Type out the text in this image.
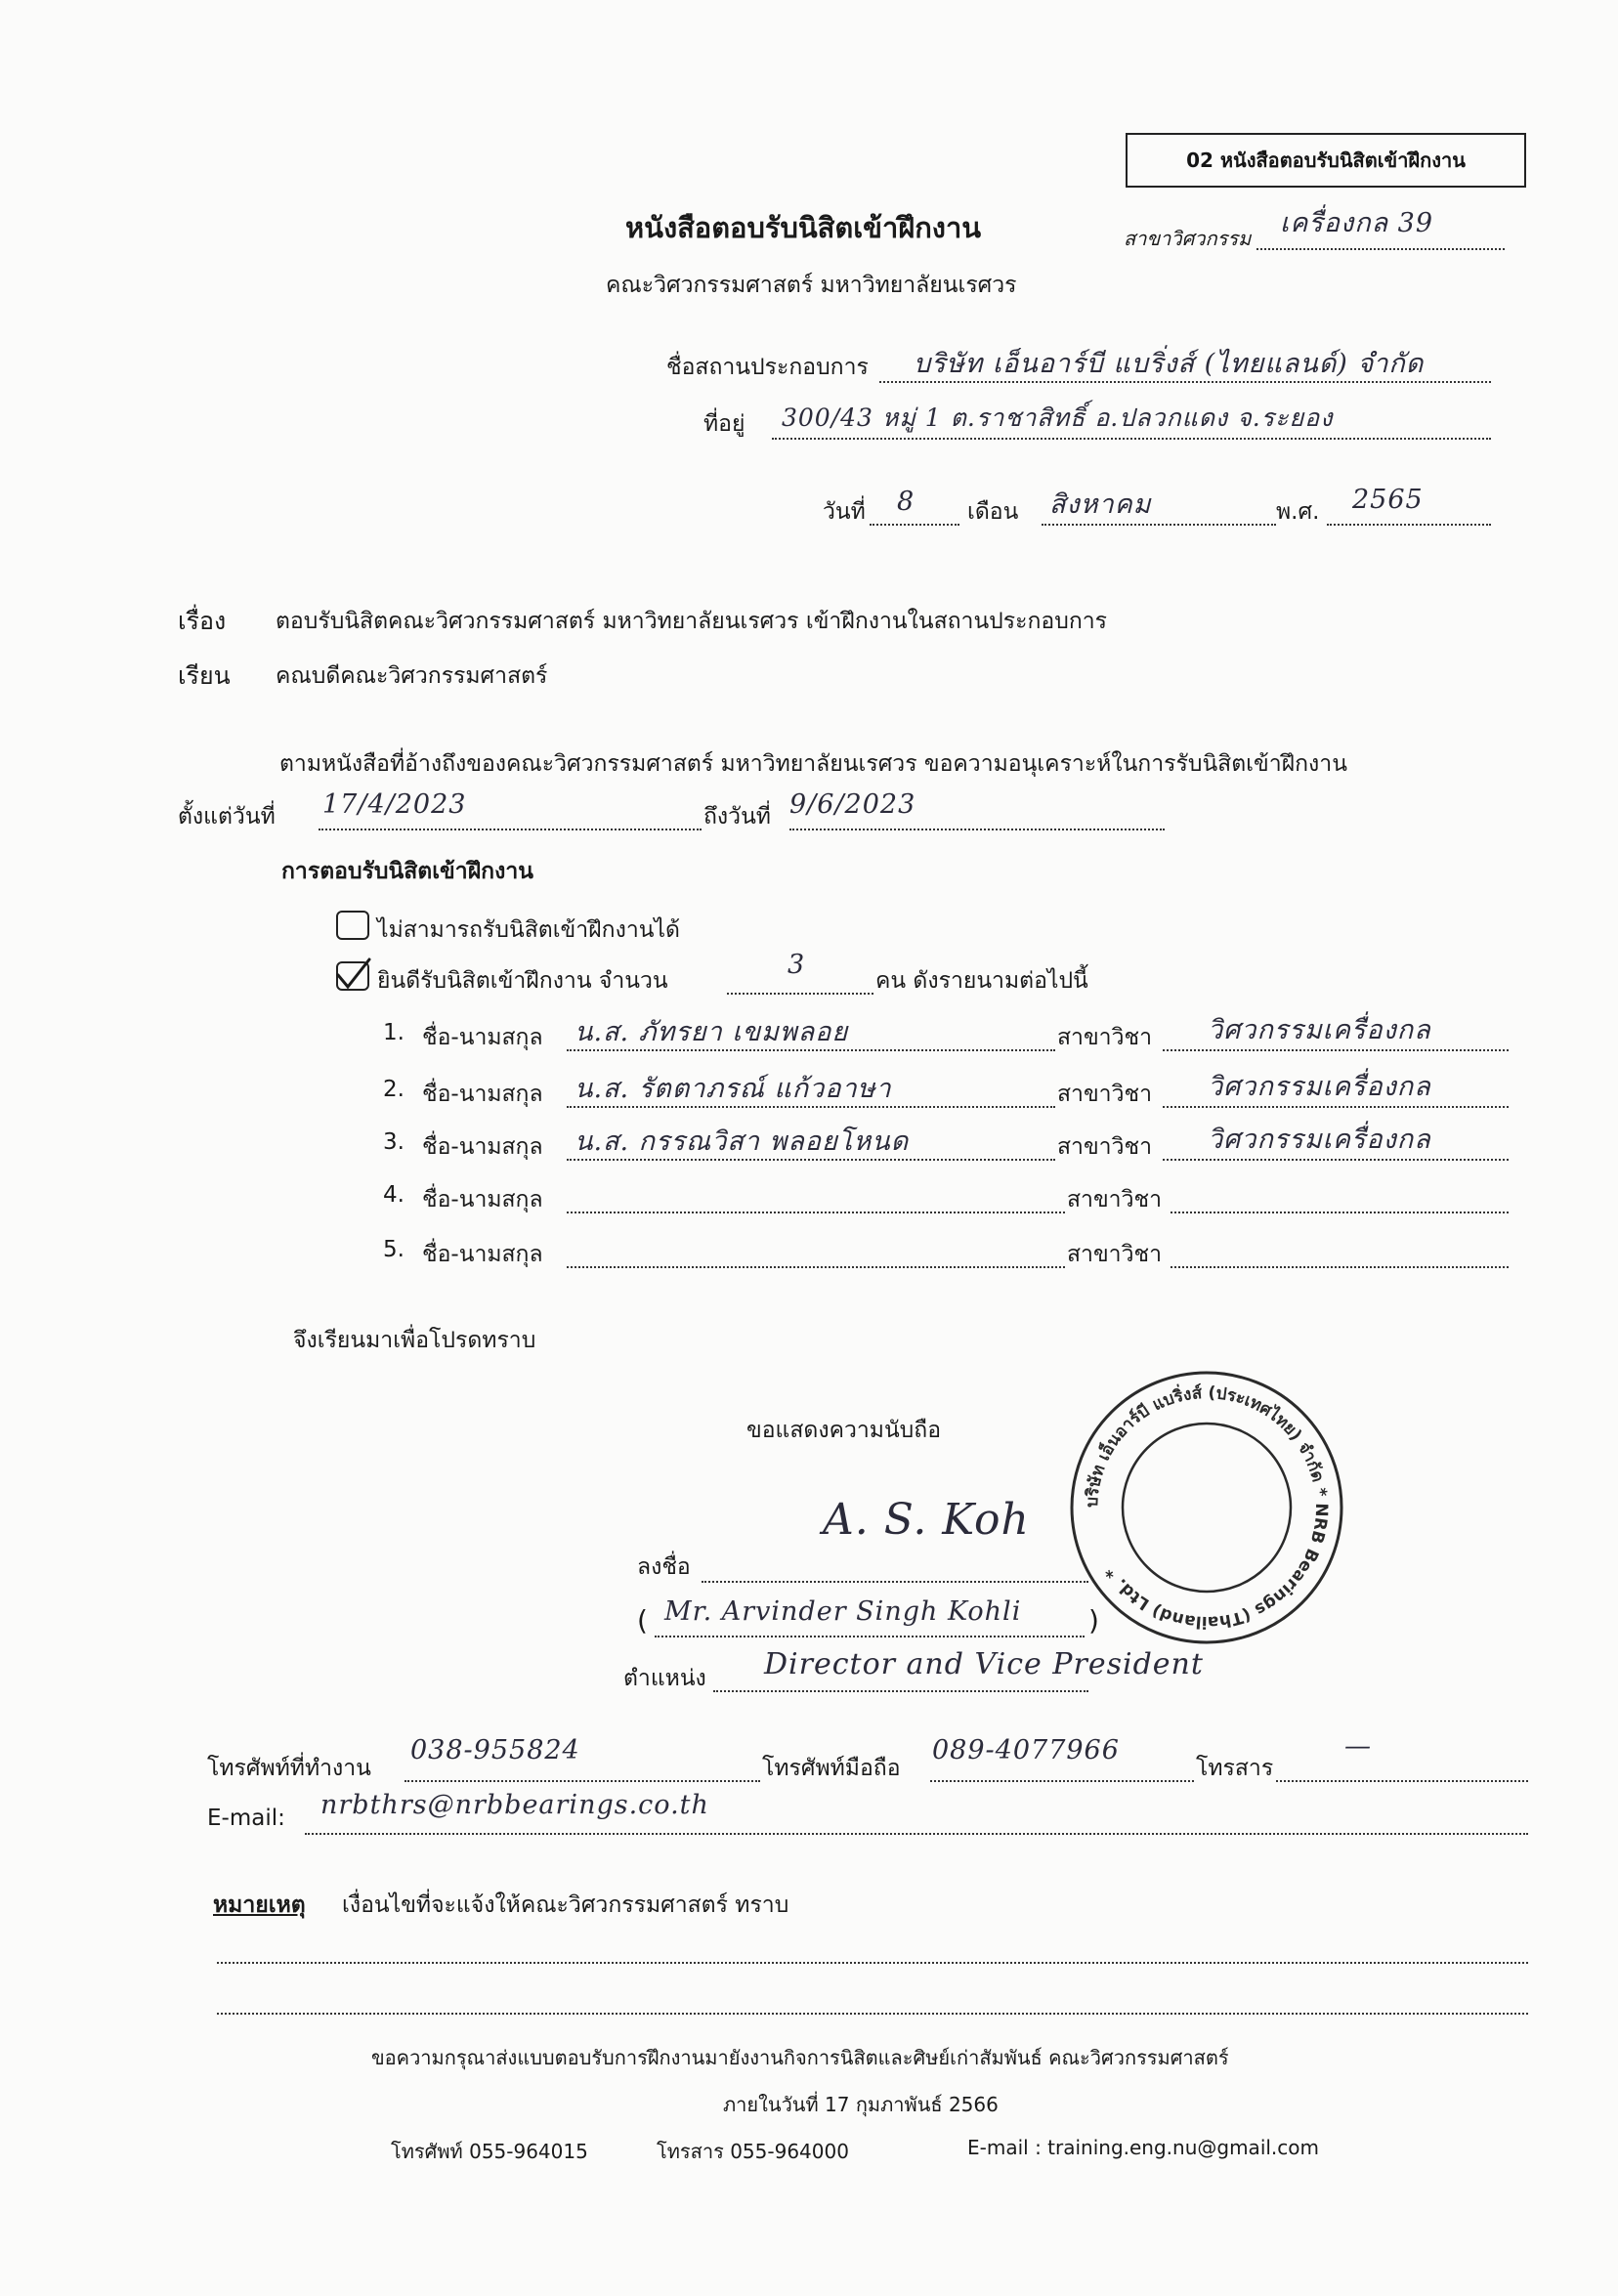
02 หนังสือตอบรับนิสิตเข้าฝึกงาน
หนังสือตอบรับนิสิตเข้าฝึกงาน	สาขาวิศวกรรม เครื่องกล 39
คณะวิศวกรรมศาสตร์ มหาวิทยาลัยนเรศวร
ชื่อสถานประกอบการ บริษัท เอ็นอาร์บี แบริ่งส์ (ไทยแลนด์) จำกัด
ที่อยู่ 300/43 หมู่ 1 ต.ราชาสิทธิ์ อ.ปลวกแดง จ.ระยอง
วันที่ 8 เดือน สิงหาคม	พ.ศ. 2565
เรื่อง ตอบรับนิสิตคณะวิศวกรรมศาสตร์ มหาวิทยาลัยนเรศวร เข้าฝึกงานในสถานประกอบการ
เรียน คณบดีคณะวิศวกรรมศาสตร์
ตามหนังสือที่อ้างถึงของคณะวิศวกรรมศาสตร์ มหาวิทยาลัยนเรศวร ขอความอนุเคราะห์ในการรับนิสิตเข้าฝึกงาน
ตั้งแต่วันที่ 17/4/2023	ถึงวันที่ 9/6/2023
การตอบรับนิสิตเข้าฝึกงาน
ไม่สามารถรับนิสิตเข้าฝึกงานได้
ยินดีรับนิสิตเข้าฝึกงาน จำนวน
3
คน ดังรายนามต่อไปนี้
1. ชื่อ-นามสกุล น.ส. ภัทรยา เขมพลอย	สาขาวิชา วิศวกรรมเครื่องกล
2. ชื่อ-นามสกุล น.ส. รัตตาภรณ์ แก้วอาษา	สาขาวิชา วิศวกรรมเครื่องกล
3. ชื่อ-นามสกุล น.ส. กรรณวิสา พลอยโหนด	สาขาวิชา วิศวกรรมเครื่องกล
4. ชื่อ-นามสกุล	สาขาวิชา
5. ชื่อ-นามสกุล	สาขาวิชา
จึงเรียนมาเพื่อโปรดทราบ
ขอแสดงความนับถือ
บริษัท เอ็นอาร์บี แบริ่งส์ (ประเทศไทย) จำกัด * NRB Bearings (Thailand) Ltd. *
A. S. Koh
ลงชื่อ
( Mr. Arvinder Singh Kohli )
ตำแหน่ง Director and Vice President
โทรศัพท์ที่ทำงาน
038-955824
โทรศัพท์มือถือ
089-4077966
โทรสาร
—
E-mail: nrbthrs@nrbbearings.co.th
หมายเหตุ เงื่อนไขที่จะแจ้งให้คณะวิศวกรรมศาสตร์ ทราบ
ขอความกรุณาส่งแบบตอบรับการฝึกงานมายังงานกิจการนิสิตและศิษย์เก่าสัมพันธ์ คณะวิศวกรรมศาสตร์
ภายในวันที่ 17 กุมภาพันธ์ 2566
โทรศัพท์ 055-964015	โทรสาร 055-964000	E-mail : training.eng.nu@gmail.com
